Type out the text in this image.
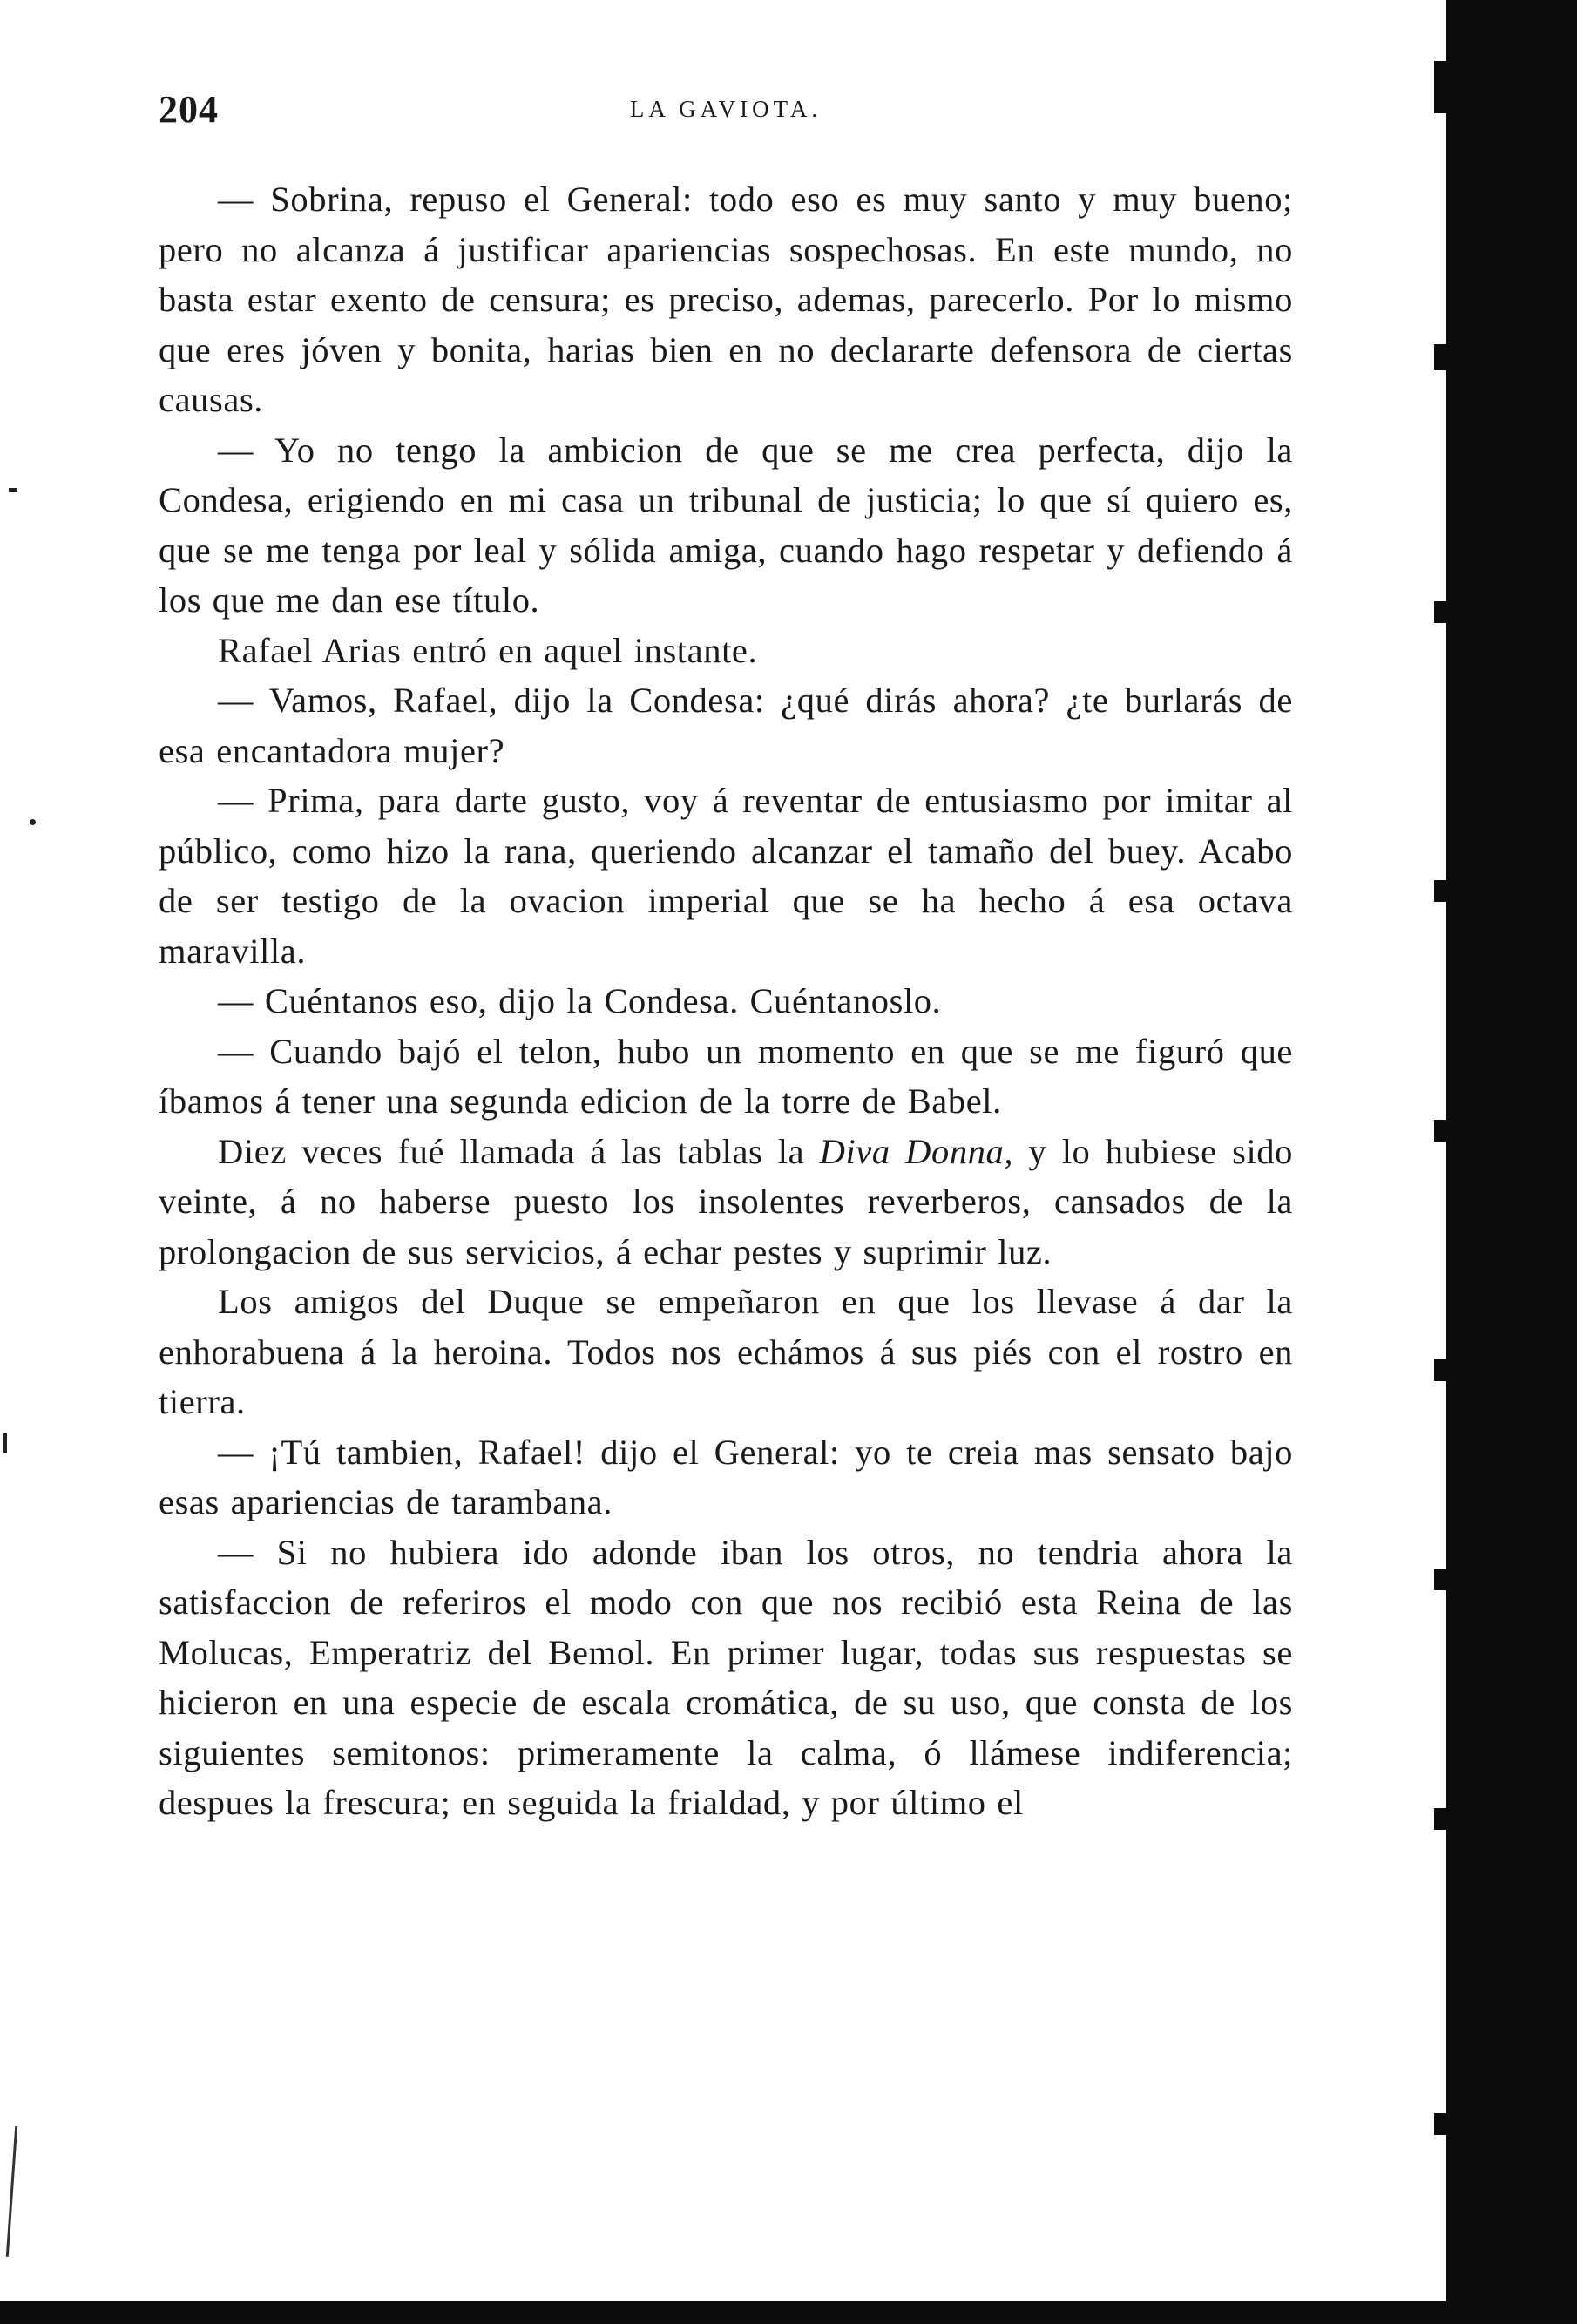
204	LA GAVIOTA.

— Sobrina, repuso el General: todo eso es muy santo y muy bueno; pero no alcanza á justificar apariencias sospechosas. En este mundo, no basta estar exento de censura; es preciso, ademas, parecerlo. Por lo mismo que eres jóven y bonita, harias bien en no declararte defensora de ciertas causas.

— Yo no tengo la ambicion de que se me crea perfecta, dijo la Condesa, erigiendo en mi casa un tribunal de justicia; lo que sí quiero es, que se me tenga por leal y sólida amiga, cuando hago respetar y defiendo á los que me dan ese título.

Rafael Arias entró en aquel instante.

— Vamos, Rafael, dijo la Condesa: ¿qué dirás ahora? ¿te burlarás de esa encantadora mujer?

— Prima, para darte gusto, voy á reventar de entusiasmo por imitar al público, como hizo la rana, queriendo alcanzar el tamaño del buey. Acabo de ser testigo de la ovacion imperial que se ha hecho á esa octava maravilla.

— Cuéntanos eso, dijo la Condesa. Cuéntanoslo.

— Cuando bajó el telon, hubo un momento en que se me figuró que íbamos á tener una segunda edicion de la torre de Babel.

Diez veces fué llamada á las tablas la Diva Donna, y lo hubiese sido veinte, á no haberse puesto los insolentes reverberos, cansados de la prolongacion de sus servicios, á echar pestes y suprimir luz.

Los amigos del Duque se empeñaron en que los llevase á dar la enhorabuena á la heroina. Todos nos echámos á sus piés con el rostro en tierra.

— ¡Tú tambien, Rafael! dijo el General: yo te creia mas sensato bajo esas apariencias de tarambana.

— Si no hubiera ido adonde iban los otros, no tendria ahora la satisfaccion de referiros el modo con que nos recibió esta Reina de las Molucas, Emperatriz del Bemol. En primer lugar, todas sus respuestas se hicieron en una especie de escala cromática, de su uso, que consta de los siguientes semitonos: primeramente la calma, ó llámese indiferencia; despues la frescura; en seguida la frialdad, y por último el
